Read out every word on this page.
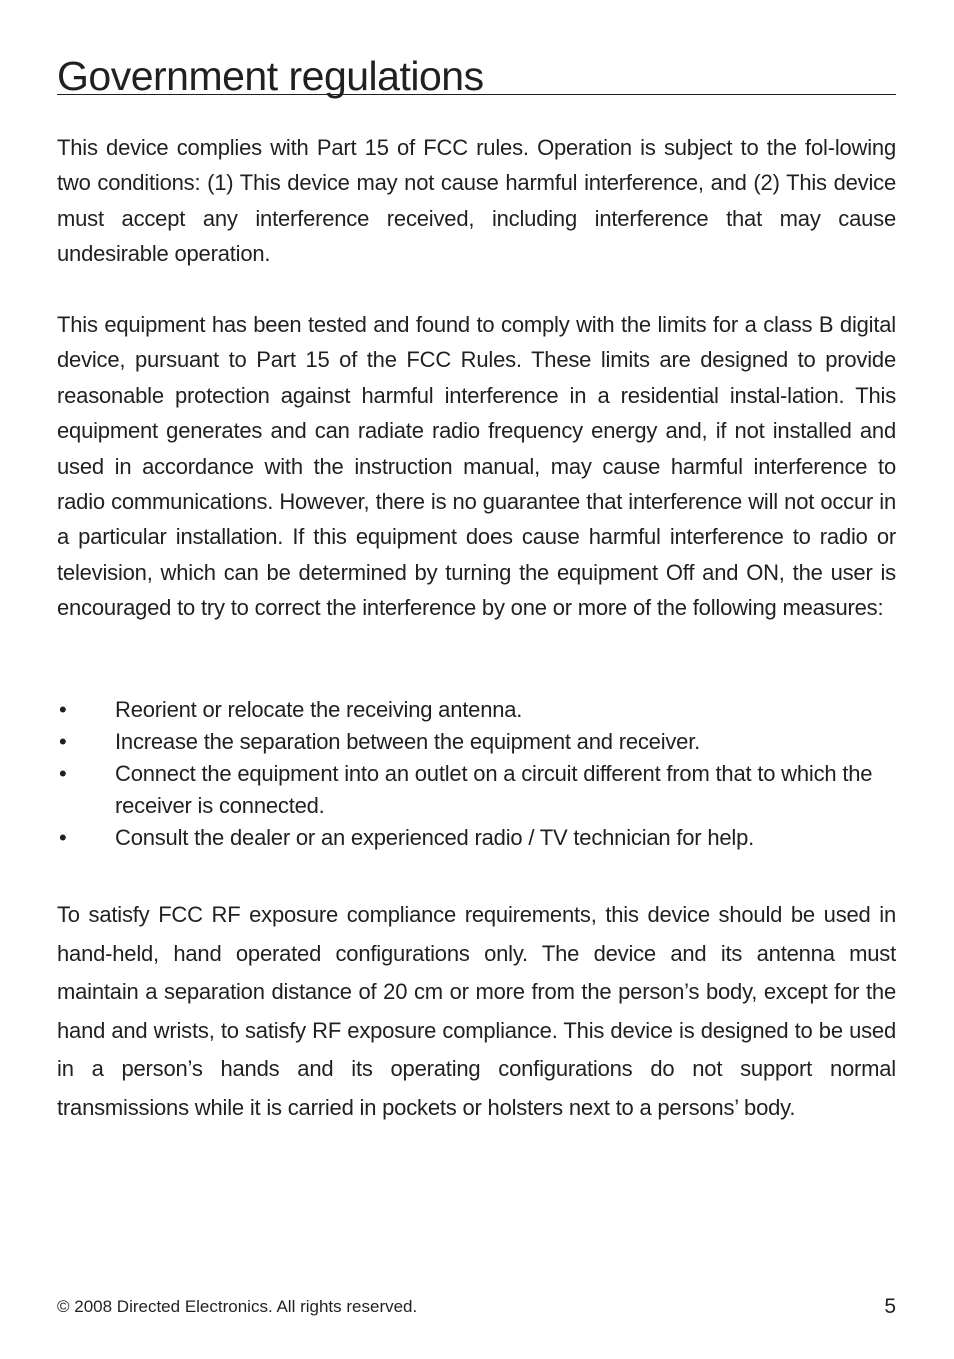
Government regulations

This device complies with Part 15 of FCC rules. Operation is subject to the fol-lowing two conditions: (1) This device may not cause harmful interference, and (2) This device must accept any interference received, including interference that may cause undesirable operation.

This equipment has been tested and found to comply with the limits for a class B digital device, pursuant to Part 15 of the FCC Rules. These limits are designed to provide reasonable protection against harmful interference in a residential instal-lation. This equipment generates and can radiate radio frequency energy and, if not installed and used in accordance with the instruction manual, may cause harmful interference to radio communications. However, there is no guarantee that interference will not occur in a particular installation. If this equipment does cause harmful interference to radio or television, which can be determined by turning the equipment Off and ON, the user is encouraged to try to correct the interference by one or more of the following measures:

• Reorient or relocate the receiving antenna.
• Increase the separation between the equipment and receiver.
• Connect the equipment into an outlet on a circuit different from that to which the receiver is connected.
• Consult the dealer or an experienced radio / TV technician for help.

To satisfy FCC RF exposure compliance requirements, this device should be used in hand-held, hand operated configurations only. The device and its antenna must maintain a separation distance of 20 cm or more from the person’s body, except for the hand and wrists, to satisfy RF exposure compliance. This device is designed to be used in a person’s hands and its operating configurations do not support normal transmissions while it is carried in pockets or holsters next to a persons’ body.

© 2008 Directed Electronics. All rights reserved.	5
